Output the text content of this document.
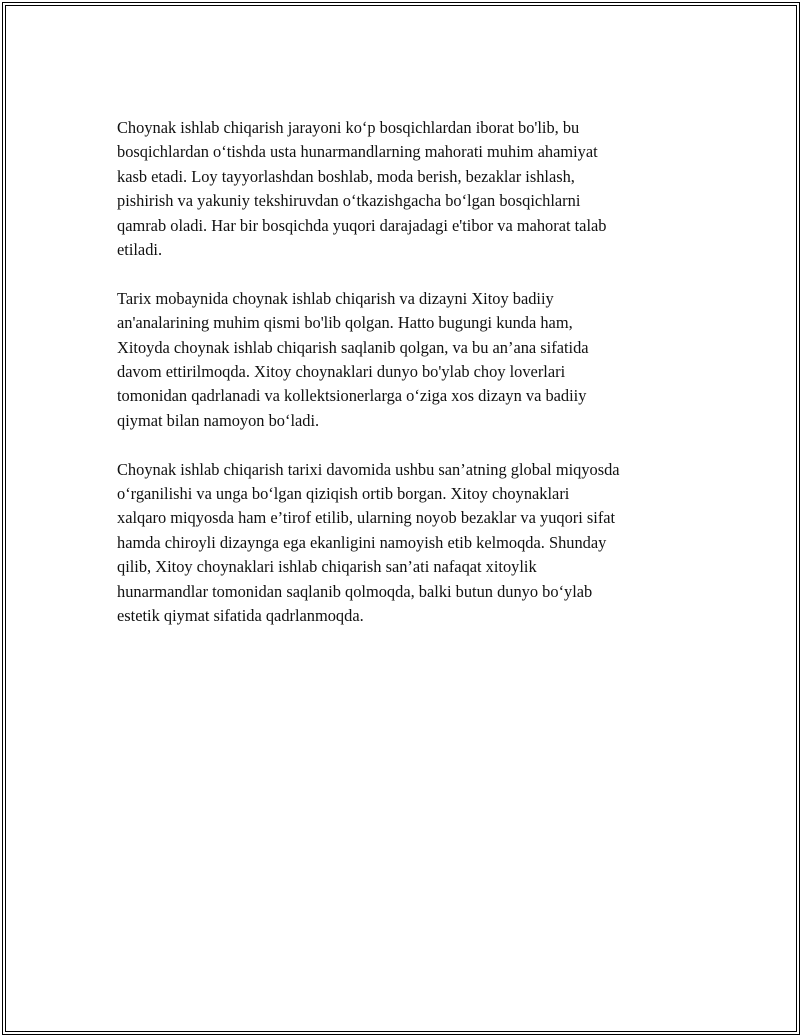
Choynak ishlab chiqarish jarayoni koʻp bosqichlardan iborat bo'lib, bu
bosqichlardan oʻtishda usta hunarmandlarning mahorati muhim ahamiyat
kasb etadi. Loy tayyorlashdan boshlab, moda berish, bezaklar ishlash,
pishirish va yakuniy tekshiruvdan oʻtkazishgacha boʻlgan bosqichlarni
qamrab oladi. Har bir bosqichda yuqori darajadagi e'tibor va mahorat talab
etiladi.

Tarix mobaynida choynak ishlab chiqarish va dizayni Xitoy badiiy
an'analarining muhim qismi bo'lib qolgan. Hatto bugungi kunda ham,
Xitoyda choynak ishlab chiqarish saqlanib qolgan, va bu an’ana sifatida
davom ettirilmoqda. Xitoy choynaklari dunyo bo'ylab choy loverlari
tomonidan qadrlanadi va kollektsionerlarga oʻziga xos dizayn va badiiy
qiymat bilan namoyon boʻladi.

Choynak ishlab chiqarish tarixi davomida ushbu san’atning global miqyosda
oʻrganilishi va unga boʻlgan qiziqish ortib borgan. Xitoy choynaklari
xalqaro miqyosda ham e’tirof etilib, ularning noyob bezaklar va yuqori sifat
hamda chiroyli dizaynga ega ekanligini namoyish etib kelmoqda. Shunday
qilib, Xitoy choynaklari ishlab chiqarish san’ati nafaqat xitoylik
hunarmandlar tomonidan saqlanib qolmoqda, balki butun dunyo boʻylab
estetik qiymat sifatida qadrlanmoqda.
